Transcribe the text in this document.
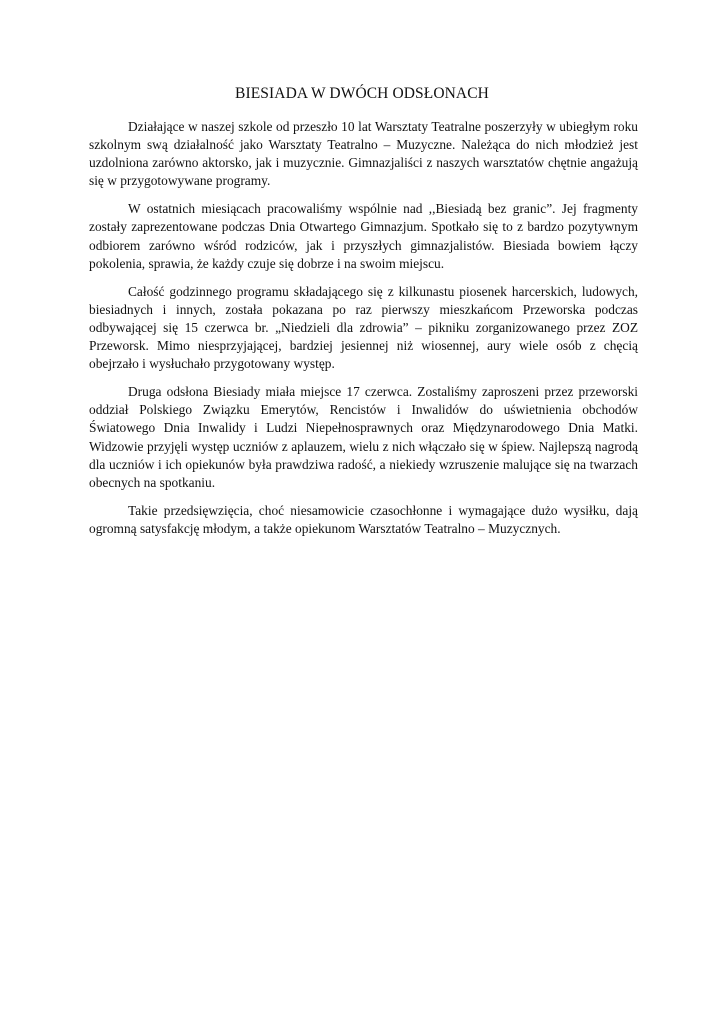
BIESIADA W DWÓCH ODSŁONACH

Działające w naszej szkole od przeszło 10 lat Warsztaty Teatralne poszerzyły w ubiegłym roku szkolnym swą działalność jako Warsztaty Teatralno – Muzyczne. Należąca do nich młodzież jest uzdolniona zarówno aktorsko, jak i muzycznie. Gimnazjaliści z naszych warsztatów chętnie angażują się w przygotowywane programy.

W ostatnich miesiącach pracowaliśmy wspólnie nad ,,Biesiadą bez granic”. Jej fragmenty zostały zaprezentowane podczas Dnia Otwartego Gimnazjum. Spotkało się to z bardzo pozytywnym odbiorem zarówno wśród rodziców, jak i przyszłych gimnazjalistów. Biesiada bowiem łączy pokolenia, sprawia, że każdy czuje się dobrze i na swoim miejscu.

Całość godzinnego programu składającego się z kilkunastu piosenek harcerskich, ludowych, biesiadnych i innych, została pokazana po raz pierwszy mieszkańcom Przeworska podczas odbywającej się 15 czerwca br. „Niedzieli dla zdrowia” – pikniku zorganizowanego przez ZOZ Przeworsk. Mimo niesprzyjającej, bardziej jesiennej niż wiosennej, aury wiele osób z chęcią obejrzało i wysłuchało przygotowany występ.

Druga odsłona Biesiady miała miejsce 17 czerwca. Zostaliśmy zaproszeni przez przeworski oddział Polskiego Związku Emerytów, Rencistów i Inwalidów do uświetnienia obchodów Światowego Dnia Inwalidy i Ludzi Niepełnosprawnych oraz Międzynarodowego Dnia Matki. Widzowie przyjęli występ uczniów z aplauzem, wielu z nich włączało się w śpiew. Najlepszą nagrodą dla uczniów i ich opiekunów była prawdziwa radość, a niekiedy wzruszenie malujące się na twarzach obecnych na spotkaniu.

Takie przedsięwzięcia, choć niesamowicie czasochłonne i wymagające dużo wysiłku, dają ogromną satysfakcję młodym, a także opiekunom Warsztatów Teatralno – Muzycznych.
